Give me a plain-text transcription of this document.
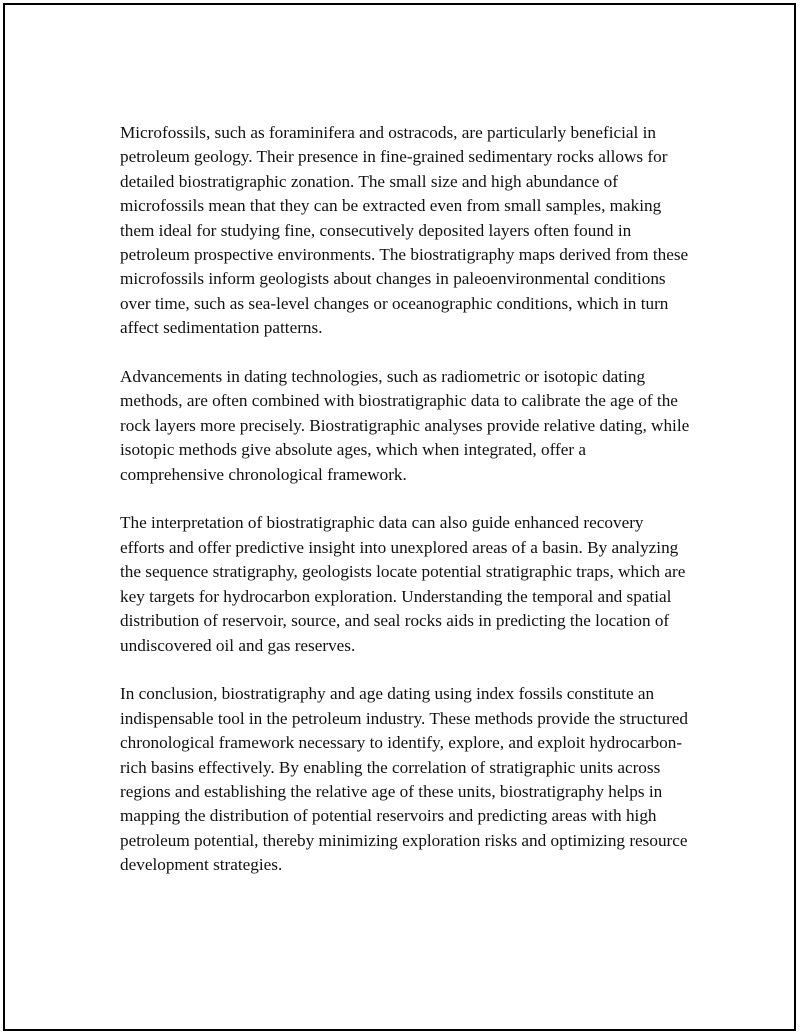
Microfossils, such as foraminifera and ostracods, are particularly beneficial in petroleum geology. Their presence in fine-grained sedimentary rocks allows for detailed biostratigraphic zonation. The small size and high abundance of microfossils mean that they can be extracted even from small samples, making them ideal for studying fine, consecutively deposited layers often found in petroleum prospective environments. The biostratigraphy maps derived from these microfossils inform geologists about changes in paleoenvironmental conditions over time, such as sea-level changes or oceanographic conditions, which in turn affect sedimentation patterns.

Advancements in dating technologies, such as radiometric or isotopic dating methods, are often combined with biostratigraphic data to calibrate the age of the rock layers more precisely. Biostratigraphic analyses provide relative dating, while isotopic methods give absolute ages, which when integrated, offer a comprehensive chronological framework.

The interpretation of biostratigraphic data can also guide enhanced recovery efforts and offer predictive insight into unexplored areas of a basin. By analyzing the sequence stratigraphy, geologists locate potential stratigraphic traps, which are key targets for hydrocarbon exploration. Understanding the temporal and spatial distribution of reservoir, source, and seal rocks aids in predicting the location of undiscovered oil and gas reserves.

In conclusion, biostratigraphy and age dating using index fossils constitute an indispensable tool in the petroleum industry. These methods provide the structured chronological framework necessary to identify, explore, and exploit hydrocarbon-rich basins effectively. By enabling the correlation of stratigraphic units across regions and establishing the relative age of these units, biostratigraphy helps in mapping the distribution of potential reservoirs and predicting areas with high petroleum potential, thereby minimizing exploration risks and optimizing resource development strategies.
